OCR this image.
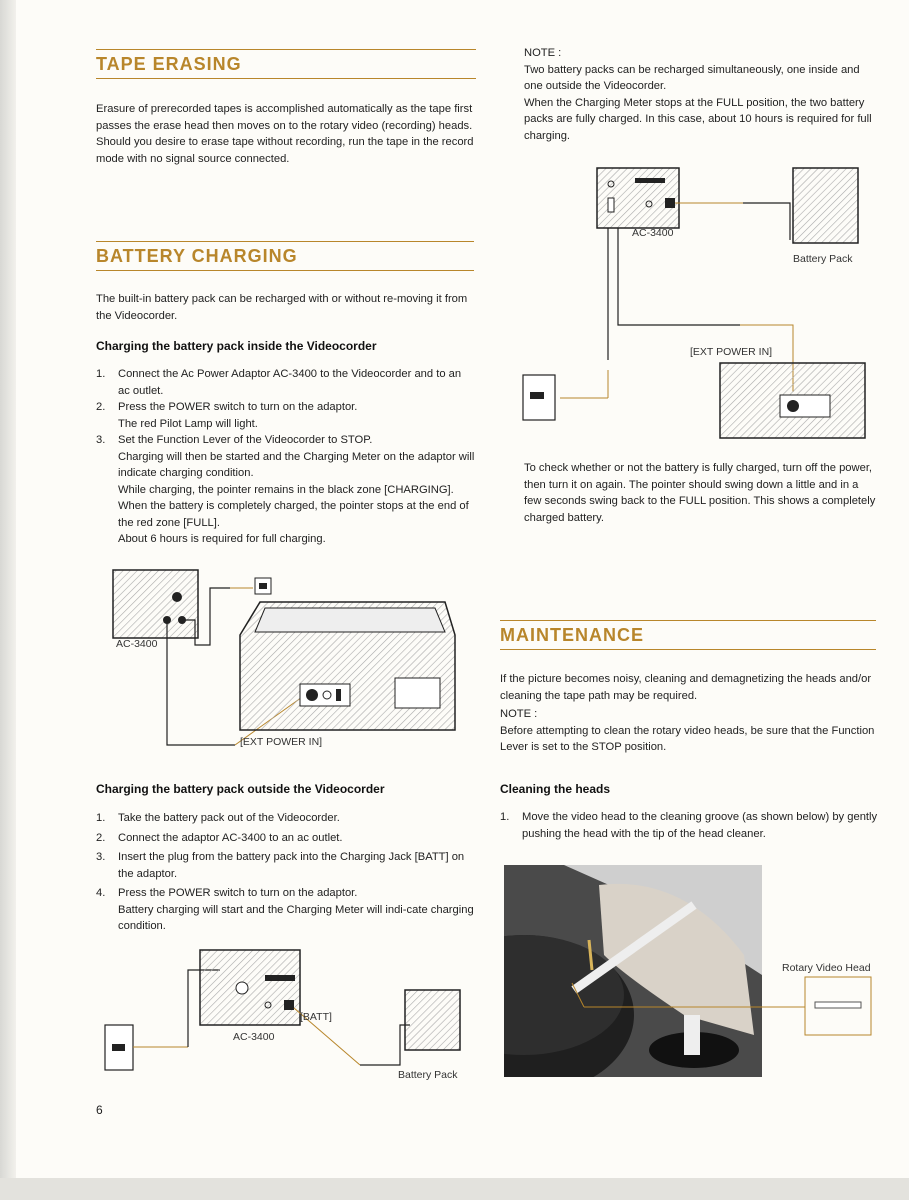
TAPE ERASING

Erasure of prerecorded tapes is accomplished automatically as the tape first passes the erase head then moves on to the rotary video (recording) heads.

Should you desire to erase tape without recording, run the tape in the record mode with no signal source connected.

BATTERY CHARGING

The built-in battery pack can be recharged with or without re-moving it from the Videocorder.

Charging the battery pack inside the Videocorder
1. Connect the Ac Power Adaptor AC-3400 to the Videocorder and to an ac outlet.
2. Press the POWER switch to turn on the adaptor.
The red Pilot Lamp will light.
3. Set the Function Lever of the Videocorder to STOP.
Charging will then be started and the Charging Meter on the adaptor will indicate charging condition.
While charging, the pointer remains in the black zone [CHARGING]. When the battery is completely charged, the pointer stops at the end of the red zone [FULL].
About 6 hours is required for full charging.
AC-3400
[EXT POWER IN]
Charging the battery pack outside the Videocorder
1. Take the battery pack out of the Videocorder.
2. Connect the adaptor AC-3400 to an ac outlet.
3. Insert the plug from the battery pack into the Charging Jack [BATT] on the adaptor.
4. Press the POWER switch to turn on the adaptor.
Battery charging will start and the Charging Meter will indi-cate charging condition.
[BATT]
AC-3400
Battery Pack
6

NOTE :

Two battery packs can be recharged simultaneously, one inside and one outside the Videocorder.

When the Charging Meter stops at the FULL position, the two battery packs are fully charged. In this case, about 10 hours is required for full charging.

AC-3400
Battery Pack
[EXT POWER IN]

To check whether or not the battery is fully charged, turn off the power, then turn it on again. The pointer should swing down a little and in a few seconds swing back to the FULL position. This shows a completely charged battery.

MAINTENANCE

If the picture becomes noisy, cleaning and demagnetizing the heads and/or cleaning the tape path may be required.

NOTE :

Before attempting to clean the rotary video heads, be sure that the Function Lever is set to the STOP position.

Cleaning the heads
1. Move the video head to the cleaning groove (as shown below) by gently pushing the head with the tip of the head cleaner.
Rotary Video Head
